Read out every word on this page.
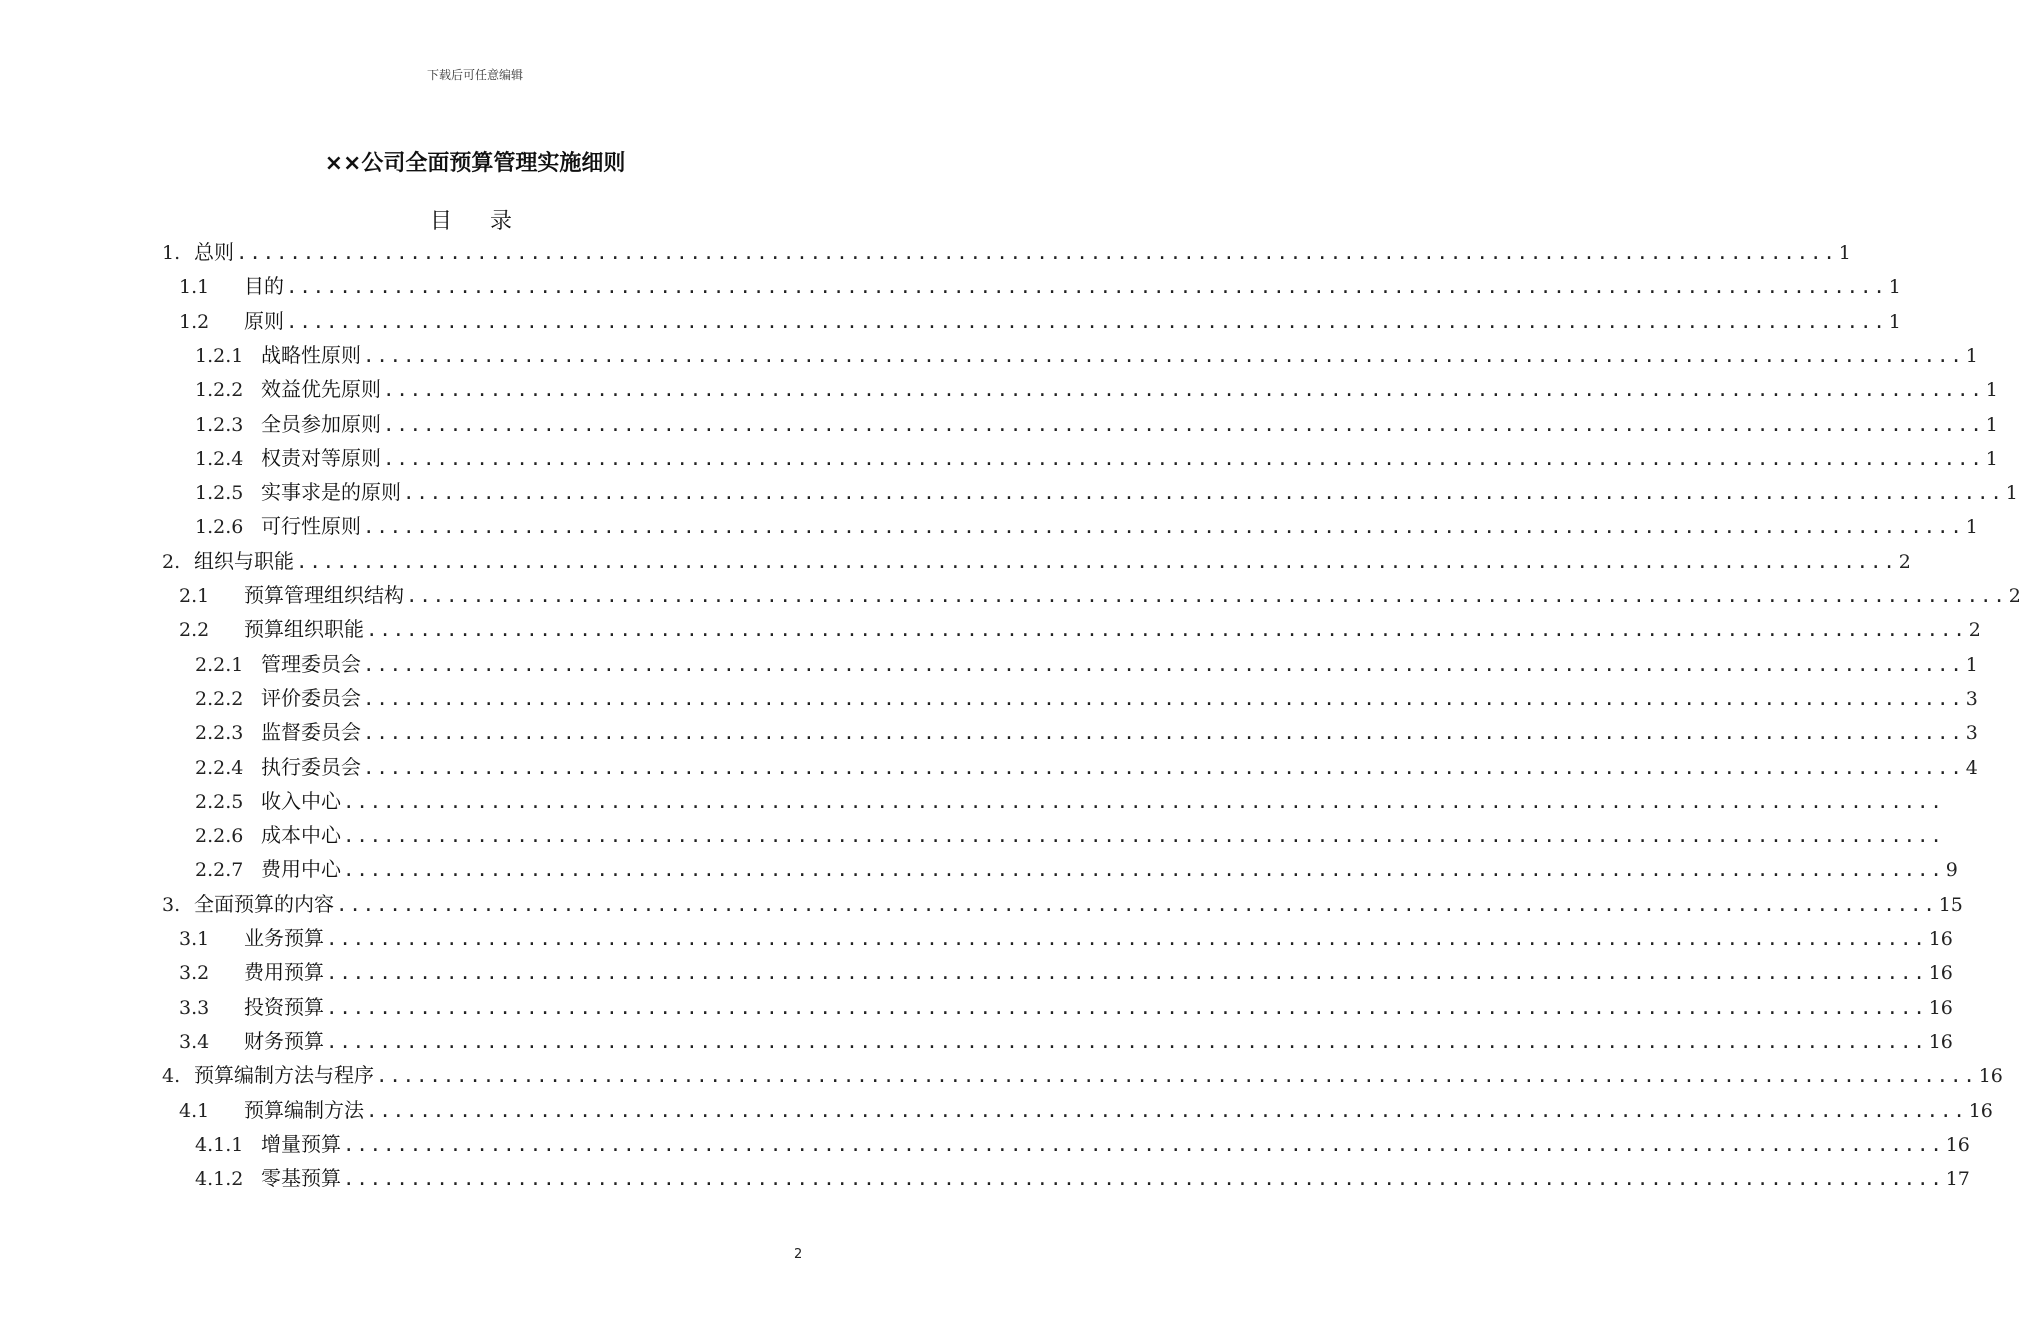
下载后可任意编辑
××公司全面预算管理实施细则
目  录
1. 总则 ........................................................................................................................ 1
1.1	目的 ........................................................................................................................ 1
1.2	原则 ........................................................................................................................ 1
1.2.1 战略性原则 ........................................................................................................................ 1
1.2.2 效益优先原则 ........................................................................................................................ 1
1.2.3 全员参加原则 ........................................................................................................................ 1
1.2.4 权责对等原则 ........................................................................................................................ 1
1.2.5 实事求是的原则 ........................................................................................................................ 1
1.2.6 可行性原则 ........................................................................................................................ 1
2. 组织与职能 ........................................................................................................................ 2
2.1	预算管理组织结构 ........................................................................................................................ 2
2.2	预算组织职能 ........................................................................................................................ 2
2.2.1 管理委员会 ........................................................................................................................ 1
2.2.2 评价委员会 ........................................................................................................................ 3
2.2.3 监督委员会 ........................................................................................................................ 3
2.2.4 执行委员会 ........................................................................................................................ 4
2.2.5 收入中心 ........................................................................................................................
2.2.6 成本中心 ........................................................................................................................
2.2.7 费用中心 ........................................................................................................................ 9
3. 全面预算的内容 ........................................................................................................................ 15
3.1	业务预算 ........................................................................................................................ 16
3.2	费用预算 ........................................................................................................................ 16
3.3	投资预算 ........................................................................................................................ 16
3.4	财务预算 ........................................................................................................................ 16
4. 预算编制方法与程序 ........................................................................................................................ 16
4.1	预算编制方法 ........................................................................................................................ 16
4.1.1 增量预算 ........................................................................................................................ 16
4.1.2 零基预算 ........................................................................................................................ 17
2
